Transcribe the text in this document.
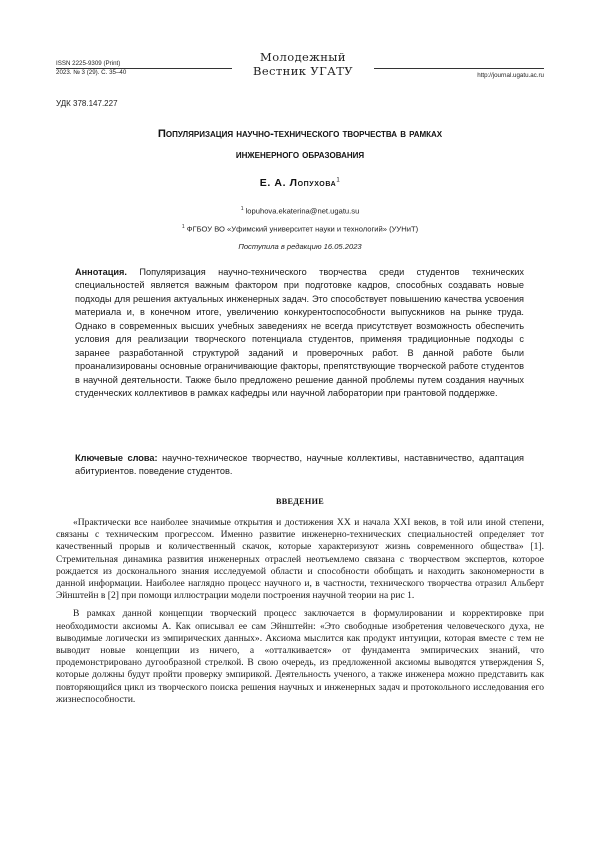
ISSN 2225-9309 (Print)
2023. № 3 (29). С. 35–40
Молодежный
Вестник УГАТУ	http://journal.ugatu.ac.ru
УДК 378.147.227
Популяризация научно-технического творчества в рамках
инженерного образования
Е. А. Лопухова$^1$
$^1$ lopuhova.ekaterina@net.ugatu.su
$^1$ ФГБОУ ВО «Уфимский университет науки и технологий» (УУНиТ)
Поступила в редакцию 16.05.2023
Аннотация. Популяризация научно-технического творчества среди студентов технических специальностей является важным фактором при подготовке кадров, способных создавать новые подходы для решения актуальных инженерных задач. Это способствует повышению качества усвоения материала и, в конечном итоге, увеличению конкурентоспособности выпускников на рынке труда. Однако в современных высших учебных заведениях не всегда присутствует возможность обеспечить условия для реализации творческого потенциала студентов, применяя традиционные подходы с заранее разработанной структурой заданий и проверочных работ. В данной работе были проанализированы основные ограничивающие факторы, препятствующие творческой работе студентов в научной деятельности. Также было предложено решение данной проблемы путем создания научных студенческих коллективов в рамках кафедры или научной лаборатории при грантовой поддержке.
Ключевые слова: научно-техническое творчество, научные коллективы, наставничество, адаптация абитуриентов. поведение студентов.
ВВЕДЕНИЕ

«Практически все наиболее значимые открытия и достижения XX и начала XXI веков, в той или иной степени, связаны с техническим прогрессом. Именно развитие инженерно-технических специальностей определяет тот качественный прорыв и количественный скачок, которые характеризуют жизнь современного общества» [1]. Стремительная динамика развития инженерных отраслей неотъемлемо связана с творчеством экспертов, которое рождается из досконального знания исследуемой области и способности обобщать и находить закономерности в данной информации. Наиболее наглядно процесс научного и, в частности, технического творчества отразил Альберт Эйнштейн в [2] при помощи иллюстрации модели построения научной теории на рис 1.

В рамках данной концепции творческий процесс заключается в формулировании и корректировке при необходимости аксиомы А. Как описывал ее сам Эйнштейн: «Это свободные изобретения человеческого духа, не выводимые логически из эмпирических данных». Аксиома мыслится как продукт интуиции, которая вместе с тем не выводит новые концепции из ничего, а «отталкивается» от фундамента эмпирических знаний, что продемонстрировано дугообразной стрелкой. В свою очередь, из предложенной аксиомы выводятся утверждения S, которые должны будут пройти проверку эмпирикой. Деятельность ученого, а также инженера можно представить как повторяющийся цикл из творческого поиска решения научных и инженерных задач и протокольного исследования его жизнеспособности.
